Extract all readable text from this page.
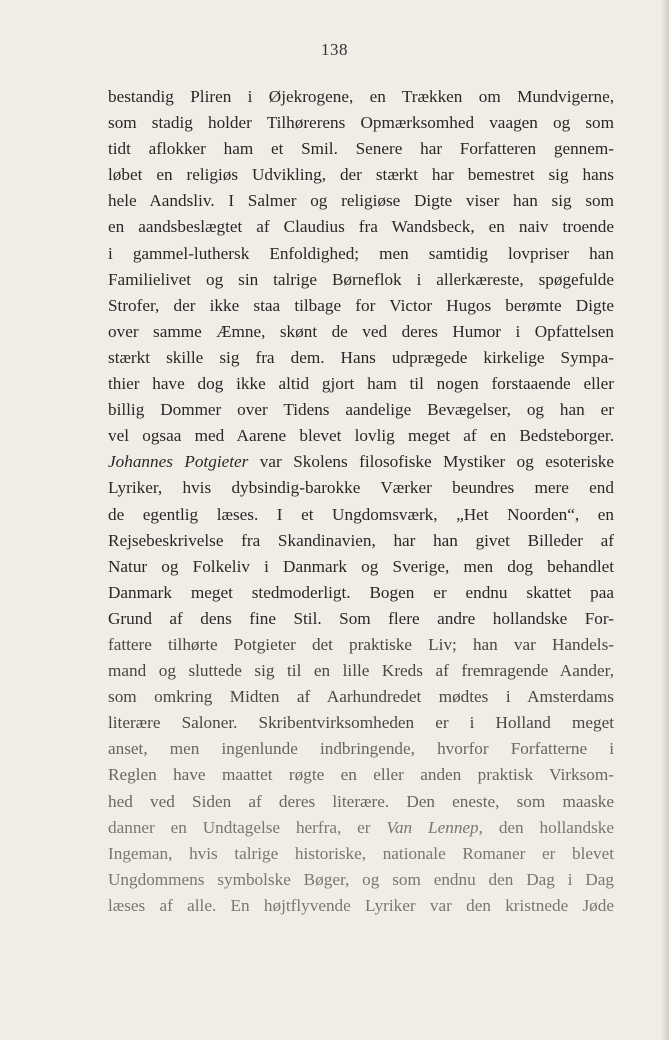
138
bestandig Pliren i Øjekrogene, en Trækken om Mundvigerne,
som stadig holder Tilhørerens Opmærksomhed vaagen og som
tidt aflokker ham et Smil. Senere har Forfatteren gennem-
løbet en religiøs Udvikling, der stærkt har bemestret sig hans
hele Aandsliv. I Salmer og religiøse Digte viser han sig som
en aandsbeslægtet af Claudius fra Wandsbeck, en naiv troende
i gammel-luthersk Enfoldighed; men samtidig lovpriser han
Familielivet og sin talrige Børneflok i allerkæreste, spøgefulde
Strofer, der ikke staa tilbage for Victor Hugos berømte Digte
over samme Æmne, skønt de ved deres Humor i Opfattelsen
stærkt skille sig fra dem. Hans udprægede kirkelige Sympa-
thier have dog ikke altid gjort ham til nogen forstaaende eller
billig Dommer over Tidens aandelige Bevægelser, og han er
vel ogsaa med Aarene blevet lovlig meget af en Bedsteborger.
Johannes Potgieter var Skolens filosofiske Mystiker og esoteriske
Lyriker, hvis dybsindig-barokke Værker beundres mere end
de egentlig læses. I et Ungdomsværk, „Het Noorden“, en
Rejsebeskrivelse fra Skandinavien, har han givet Billeder af
Natur og Folkeliv i Danmark og Sverige, men dog behandlet
Danmark meget stedmoderligt. Bogen er endnu skattet paa
Grund af dens fine Stil. Som flere andre hollandske For-
fattere tilhørte Potgieter det praktiske Liv; han var Handels-
mand og sluttede sig til en lille Kreds af fremragende Aander,
som omkring Midten af Aarhundredet mødtes i Amsterdams
literære Saloner. Skribentvirksomheden er i Holland meget
anset, men ingenlunde indbringende, hvorfor Forfatterne i
Reglen have maattet røgte en eller anden praktisk Virksom-
hed ved Siden af deres literære. Den eneste, som maaske
danner en Undtagelse herfra, er Van Lennep, den hollandske
Ingeman, hvis talrige historiske, nationale Romaner er blevet
Ungdommens symbolske Bøger, og som endnu den Dag i Dag
læses af alle. En højtflyvende Lyriker var den kristnede Jøde
